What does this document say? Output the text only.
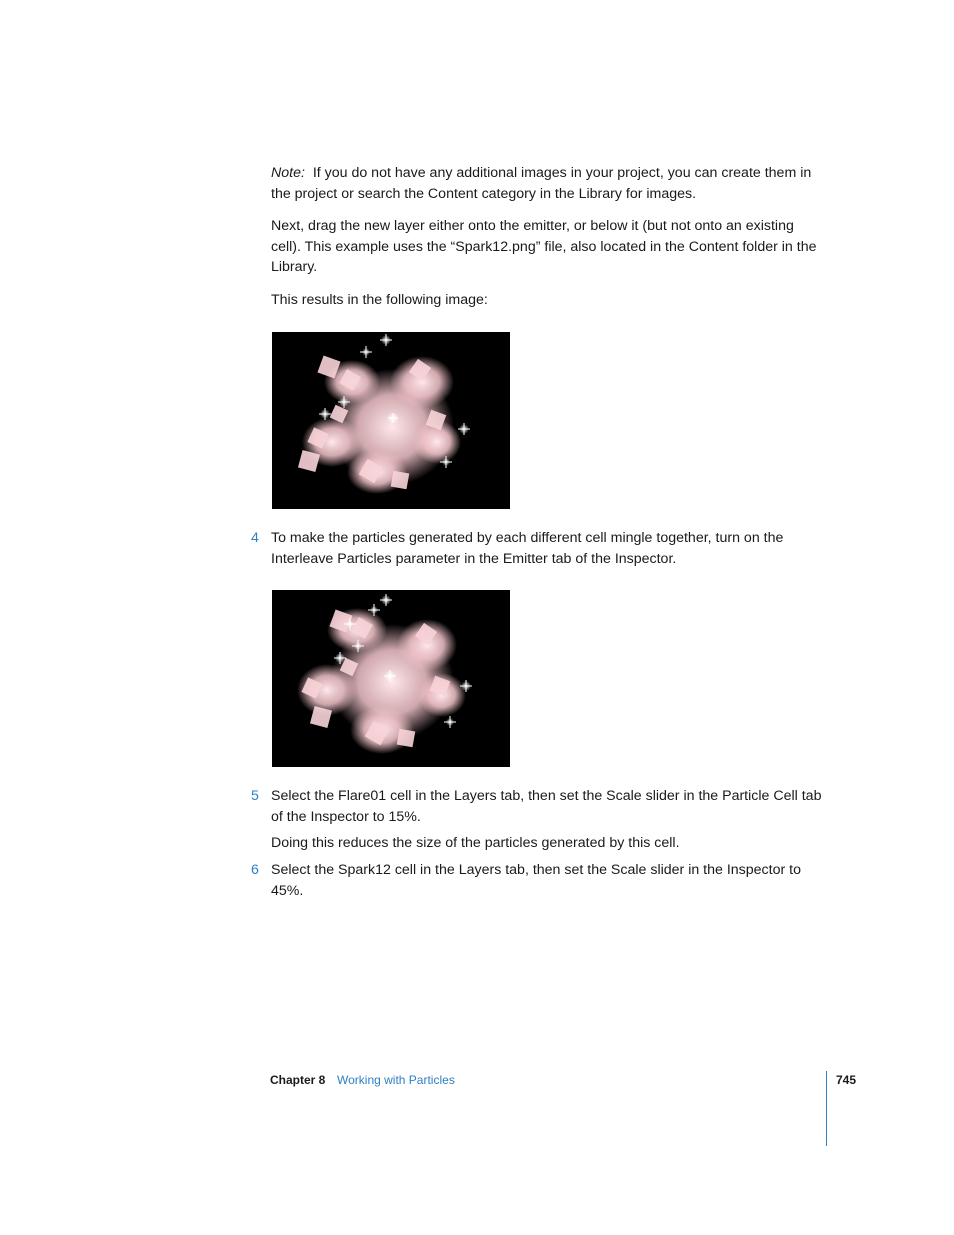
Note: If you do not have any additional images in your project, you can create them in the project or search the Content category in the Library for images.

Next, drag the new layer either onto the emitter, or below it (but not onto an existing cell). This example uses the “Spark12.png” file, also located in the Content folder in the Library.

This results in the following image:

4 To make the particles generated by each different cell mingle together, turn on the Interleave Particles parameter in the Emitter tab of the Inspector.

5 Select the Flare01 cell in the Layers tab, then set the Scale slider in the Particle Cell tab of the Inspector to 15%.

Doing this reduces the size of the particles generated by this cell.

6 Select the Spark12 cell in the Layers tab, then set the Scale slider in the Inspector to 45%.

Chapter 8 Working with Particles	745
